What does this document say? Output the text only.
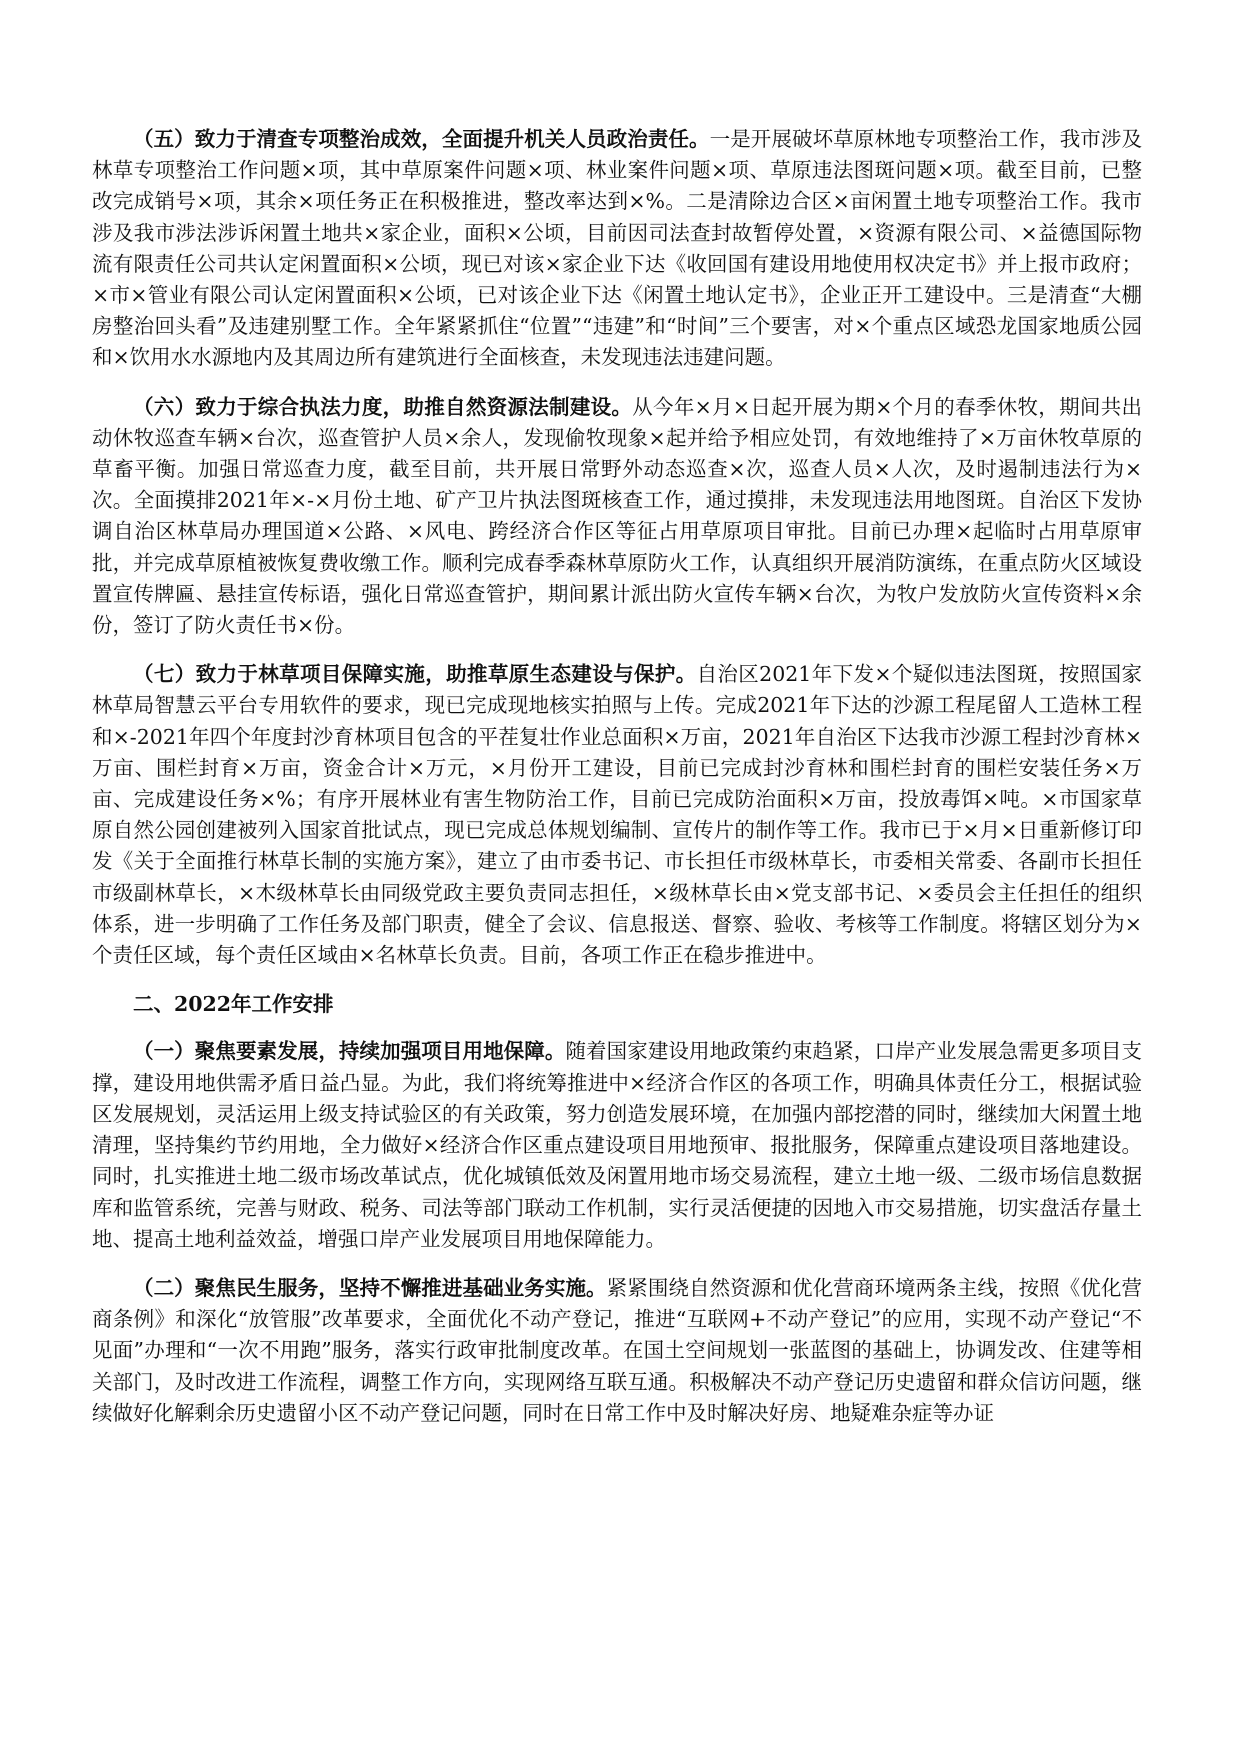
（五）致力于清查专项整治成效，全面提升机关人员政治责任。一是开展破坏草原林地专项整治工作，我市涉及林草专项整治工作问题×项，其中草原案件问题×项、林业案件问题×项、草原违法图斑问题×项。截至目前，已整改完成销号×项，其余×项任务正在积极推进，整改率达到×%。二是清除边合区×亩闲置土地专项整治工作。我市涉及我市涉法涉诉闲置土地共×家企业，面积×公顷，目前因司法查封故暂停处置，×资源有限公司、×益德国际物流有限责任公司共认定闲置面积×公顷，现已对该×家企业下达《收回国有建设用地使用权决定书》并上报市政府；×市×管业有限公司认定闲置面积×公顷，已对该企业下达《闲置土地认定书》，企业正开工建设中。三是清查“大棚房整治回头看”及违建别墅工作。全年紧紧抓住“位置”“违建”和“时间”三个要害，对×个重点区域恐龙国家地质公园和×饮用水水源地内及其周边所有建筑进行全面核查，未发现违法违建问题。

（六）致力于综合执法力度，助推自然资源法制建设。从今年×月×日起开展为期×个月的春季休牧，期间共出动休牧巡查车辆×台次，巡查管护人员×余人，发现偷牧现象×起并给予相应处罚，有效地维持了×万亩休牧草原的草畜平衡。加强日常巡查力度，截至目前，共开展日常野外动态巡查×次，巡查人员×人次，及时遏制违法行为×次。全面摸排2021年×-×月份土地、矿产卫片执法图斑核查工作，通过摸排，未发现违法用地图斑。自治区下发协调自治区林草局办理国道×公路、×风电、跨经济合作区等征占用草原项目审批。目前已办理×起临时占用草原审批，并完成草原植被恢复费收缴工作。顺利完成春季森林草原防火工作，认真组织开展消防演练，在重点防火区域设置宣传牌匾、悬挂宣传标语，强化日常巡查管护，期间累计派出防火宣传车辆×台次，为牧户发放防火宣传资料×余份，签订了防火责任书×份。

（七）致力于林草项目保障实施，助推草原生态建设与保护。自治区2021年下发×个疑似违法图斑，按照国家林草局智慧云平台专用软件的要求，现已完成现地核实拍照与上传。完成2021年下达的沙源工程尾留人工造林工程和×-2021年四个年度封沙育林项目包含的平茬复壮作业总面积×万亩，2021年自治区下达我市沙源工程封沙育林×万亩、围栏封育×万亩，资金合计×万元，×月份开工建设，目前已完成封沙育林和围栏封育的围栏安装任务×万亩、完成建设任务×%；有序开展林业有害生物防治工作，目前已完成防治面积×万亩，投放毒饵×吨。×市国家草原自然公园创建被列入国家首批试点，现已完成总体规划编制、宣传片的制作等工作。我市已于×月×日重新修订印发《关于全面推行林草长制的实施方案》，建立了由市委书记、市长担任市级林草长，市委相关常委、各副市长担任市级副林草长，×木级林草长由同级党政主要负责同志担任，×级林草长由×党支部书记、×委员会主任担任的组织体系，进一步明确了工作任务及部门职责，健全了会议、信息报送、督察、验收、考核等工作制度。将辖区划分为×个责任区域，每个责任区域由×名林草长负责。目前，各项工作正在稳步推进中。

二、2022年工作安排

（一）聚焦要素发展，持续加强项目用地保障。随着国家建设用地政策约束趋紧，口岸产业发展急需更多项目支撑，建设用地供需矛盾日益凸显。为此，我们将统筹推进中×经济合作区的各项工作，明确具体责任分工，根据试验区发展规划，灵活运用上级支持试验区的有关政策，努力创造发展环境，在加强内部挖潜的同时，继续加大闲置土地清理，坚持集约节约用地，全力做好×经济合作区重点建设项目用地预审、报批服务，保障重点建设项目落地建设。同时，扎实推进土地二级市场改革试点，优化城镇低效及闲置用地市场交易流程，建立土地一级、二级市场信息数据库和监管系统，完善与财政、税务、司法等部门联动工作机制，实行灵活便捷的因地入市交易措施，切实盘活存量土地、提高土地利益效益，增强口岸产业发展项目用地保障能力。

（二）聚焦民生服务，坚持不懈推进基础业务实施。紧紧围绕自然资源和优化营商环境两条主线，按照《优化营商条例》和深化“放管服”改革要求，全面优化不动产登记，推进“互联网+不动产登记”的应用，实现不动产登记“不见面”办理和“一次不用跑”服务，落实行政审批制度改革。在国土空间规划一张蓝图的基础上，协调发改、住建等相关部门，及时改进工作流程，调整工作方向，实现网络互联互通。积极解决不动产登记历史遗留和群众信访问题，继续做好化解剩余历史遗留小区不动产登记问题，同时在日常工作中及时解决好房、地疑难杂症等办证
